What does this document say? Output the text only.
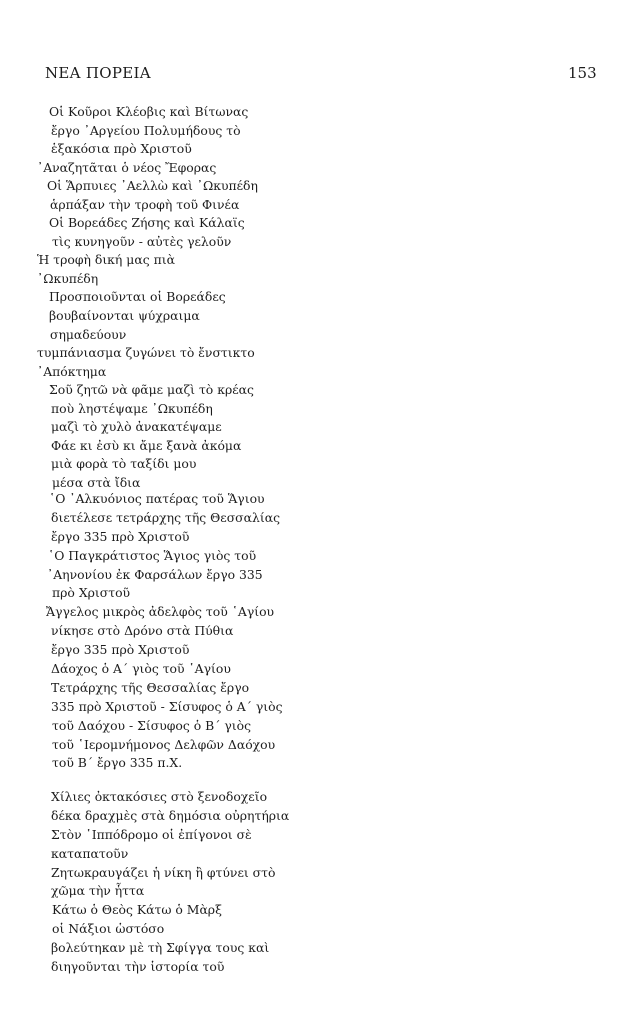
ΝΕΑ ΠΟΡΕΙΑ	153
Οἱ Κοῦροι Κλέοβις καὶ Βίτωνας
ἔργο ᾿Αργείου Πολυμήδους τὸ
ἑξακόσια πρὸ Χριστοῦ
᾿Αναζητᾶται ὁ νέος Ἔφορας
Οἱ Ἅρπυιες ᾿Αελλὼ καὶ ᾿Ωκυπέδη
ἁρπάξαν τὴν τροφὴ τοῦ Φινέα
Οἱ Βορεάδες Ζήσης καὶ Κάλαϊς
τὶς κυνηγοῦν - αὐτὲς γελοῦν
Ἡ τροφὴ δική μας πιὰ
᾿Ωκυπέδη
Προσποιοῦνται οἱ Βορεάδες
βουβαίνονται ψύχραιμα
σημαδεύουν
τυμπάνιασμα ζυγώνει τὸ ἔνστικτο
᾿Απόκτημα
Σοῦ ζητῶ νὰ φᾶμε μαζὶ τὸ κρέας
ποὺ ληστέψαμε ᾿Ωκυπέδη
μαζὶ τὸ χυλὸ ἀνακατέψαμε
Φάε κι ἐσὺ κι ἄμε ξανὰ ἀκόμα
μιὰ φορὰ τὸ ταξίδι μου
μέσα στὰ ἴδια
῾Ο ᾿Αλκυόνιος πατέρας τοῦ Ἅγιου
διετέλεσε τετράρχης τῆς Θεσσαλίας
ἔργο 335 πρὸ Χριστοῦ
῾Ο Παγκράτιστος Ἅγιος γιὸς τοῦ
᾿Αηνονίου ἐκ Φαρσάλων ἔργο 335
πρὸ Χριστοῦ
Ἄγγελος μικρὸς ἀδελφὸς τοῦ ῾Αγίου
νίκησε στὸ Δρόνο στὰ Πύθια
ἔργο 335 πρὸ Χριστοῦ
Δάοχος ὁ Α΄ γιὸς τοῦ ῾Αγίου
Τετράρχης τῆς Θεσσαλίας ἔργο
335 πρὸ Χριστοῦ - Σίσυφος ὁ Α΄ γιὸς
τοῦ Δαόχου - Σίσυφος ὁ Β΄ γιὸς
τοῦ ῾Ιερομνήμονος Δελφῶν Δαόχου
τοῦ Β΄ ἔργο 335 π.Χ.
Χίλιες ὀκτακόσιες στὸ ξενοδοχεῖο
δέκα δραχμὲς στὰ δημόσια οὐρητήρια
Στὸν ῾Ιππόδρομο οἱ ἐπίγονοι σὲ
καταπατοῦν
Ζητωκραυγάζει ἡ νίκη ἢ φτύνει στὸ
χῶμα τὴν ἧττα
Κάτω ὁ Θεὸς Κάτω ὁ Μὰρξ
οἱ Νάξιοι ὡστόσο
βολεύτηκαν μὲ τὴ Σφίγγα τους καὶ
διηγοῦνται τὴν ἱστορία τοῦ
